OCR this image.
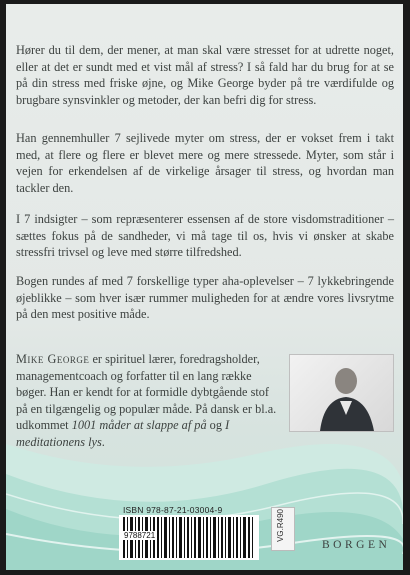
Hører du til dem, der mener, at man skal være stresset for at udrette noget, eller at det er sundt med et vist mål af stress? I så fald har du brug for at se på din stress med friske øjne, og Mike George byder på tre værdifulde og brugbare synsvinkler og metoder, der kan befri dig for stress.

Han gennemhuller 7 sejlivede myter om stress, der er vokset frem i takt med, at flere og flere er blevet mere og mere stressede. Myter, som står i vejen for erkendelsen af de virkelige årsager til stress, og hvordan man tackler den.

I 7 indsigter – som repræsenterer essensen af de store visdomstraditioner – sættes fokus på de sandheder, vi må tage til os, hvis vi ønsker at skabe stressfri trivsel og leve med større tilfredshed.

Bogen rundes af med 7 forskellige typer aha-oplevelser – 7 lykkebringende øjeblikke – som hver især rummer muligheden for at ændre vores livsrytme på den mest positive måde.

Mike George er spirituel lærer, foredragsholder, managementcoach og forfatter til en lang række bøger. Han er kendt for at formidle dybtgående stof på en tilgængelig og populær måde. På dansk er bl.a. udkommet 1001 måder at slappe af på og I meditationens lys.

ISBN 978-87-21-03004-9
9788721	VG.R490
BORGEN
